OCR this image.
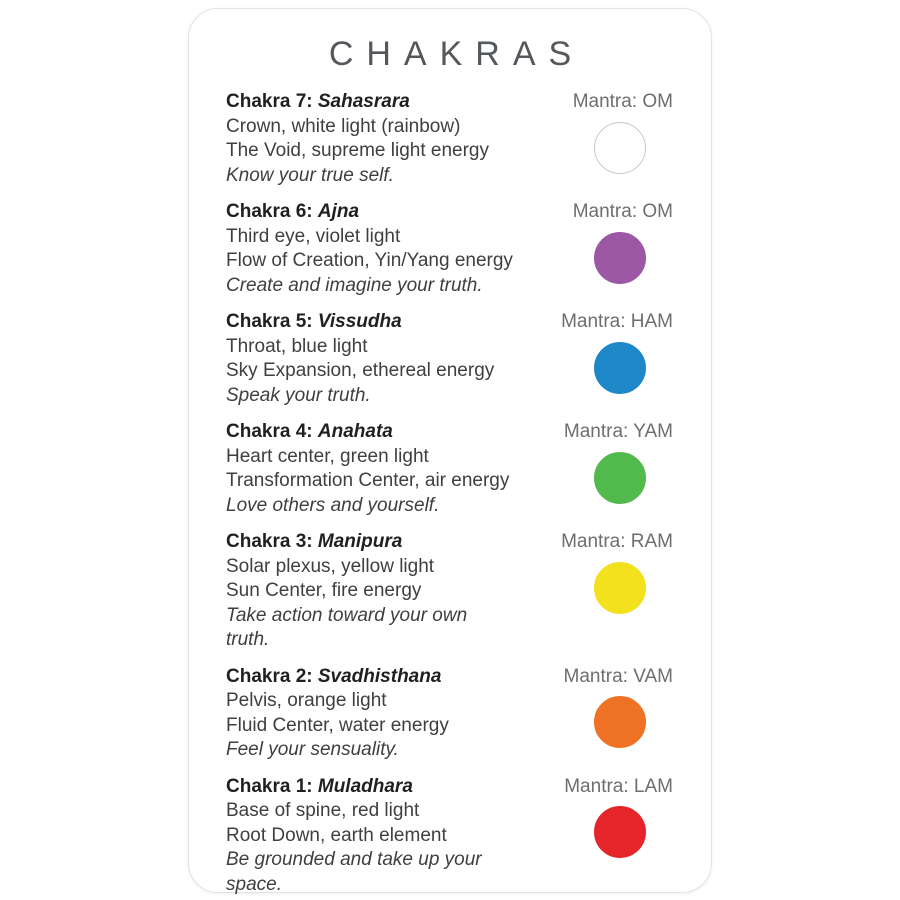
CHAKRAS
Chakra 7: Sahasrara
Crown, white light (rainbow)
The Void, supreme light energy
Know your true self.
Mantra: OM
Chakra 6: Ajna
Third eye, violet light
Flow of Creation, Yin/Yang energy
Create and imagine your truth.
Mantra: OM
Chakra 5: Vissudha
Throat, blue light
Sky Expansion, ethereal energy
Speak your truth.
Mantra: HAM
Chakra 4: Anahata
Heart center, green light
Transformation Center, air energy
Love others and yourself.
Mantra: YAM
Chakra 3: Manipura
Solar plexus, yellow light
Sun Center, fire energy
Take action toward your own truth.
Mantra: RAM
Chakra 2: Svadhisthana
Pelvis, orange light
Fluid Center, water energy
Feel your sensuality.
Mantra: VAM
Chakra 1: Muladhara
Base of spine, red light
Root Down, earth element
Be grounded and take up your space.
Mantra: LAM
